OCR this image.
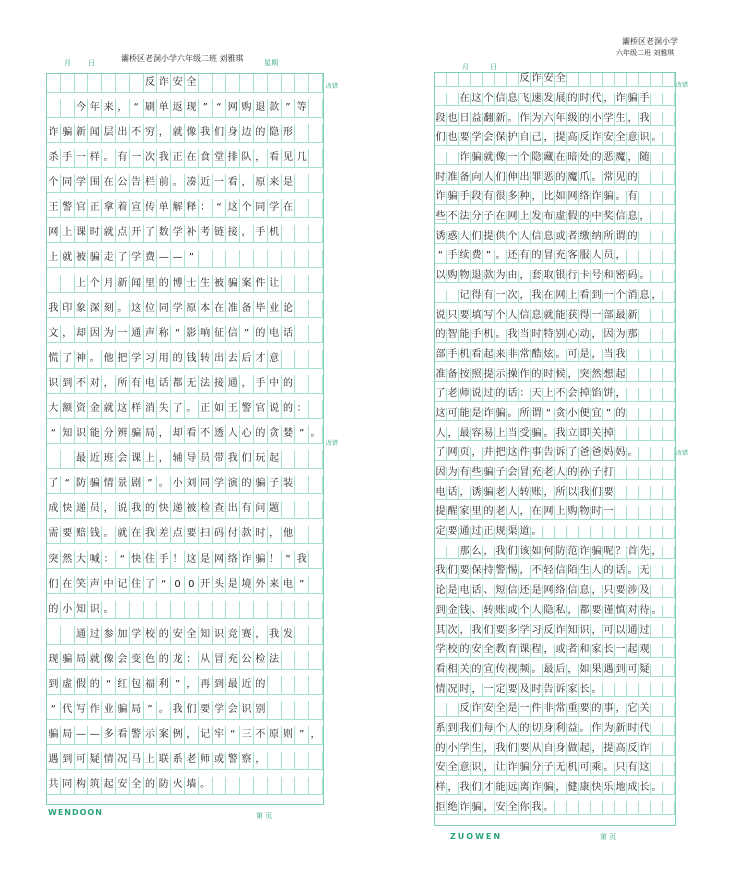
月 日	星期
灞桥区老洞小学六年级二班 刘雅琪
改错
改错
反 诈 安 全
今 年 来 ， “ 刷 单 返 现 ” “ 网 购 退 款 ” 等
诈 骗 新 闻 层 出 不 穷 ， 就 像 我 们 身 边 的 隐 形
杀 手 一 样 。 有 一 次 我 正 在 食 堂 排 队 ， 看 见 几
个 同 学 围 在 公 告 栏 前 。 凑 近 一 看 ， 原 来 是
王 警 官 正 拿 着 宣 传 单 解 释 ： “ 这 个 同 学 在
网 上 课 时 就 点 开 了 数 学 补 考 链 接 ， 手 机
上 就 被 骗 走 了 学 费 — — ”
上 个 月 新 闻 里 的 博 士 生 被 骗 案 件 让
我 印 象 深 刻 。 这 位 同 学 原 本 在 准 备 毕 业 论
文 ， 却 因 为 一 通 声 称 “ 影 响 征 信 ” 的 电 话
慌 了 神 。 他 把 学 习 用 的 钱 转 出 去 后 才 意
识 到 不 对 ， 所 有 电 话 都 无 法 接 通 ， 手 中 的
大 额 资 金 就 这 样 消 失 了 。 正 如 王 警 官 说 的 ：
“ 知 识 能 分 辨 骗 局 ， 却 看 不 透 人 心 的 贪 婪 ” 。
最 近 班 会 课 上 ， 辅 导 员 带 我 们 玩 起
了 “ 防 骗 情 景 剧 ” 。 小 刘 同 学 演 的 骗 子 装
成 快 递 员 ， 说 我 的 快 递 被 检 查 出 有 问 题
需 要 赔 钱 。 就 在 我 差 点 要 扫 码 付 款 时 ， 他
突 然 大 喊 ： “ 快 住 手 ！ 这 是 网 络 诈 骗 ！ ” 我
们 在 笑 声 中 记 住 了 “ 0 0 开 头 是 境 外 来 电 ”
的 小 知 识 。
通 过 参 加 学 校 的 安 全 知 识 竞 赛 ， 我 发
现 骗 局 就 像 会 变 色 的 龙 ： 从 冒 充 公 检 法
到 虚 假 的 “ 红 包 福 利 ” ， 再 到 最 近 的
“ 代 写 作 业 骗 局 ” 。 我 们 要 学 会 识 别
骗 局 — — 多 看 警 示 案 例 ， 记 牢 “ 三 不 原 则 ” ，
遇 到 可 疑 情 况 马 上 联 系 老 师 或 警 察 ，
共 同 构 筑 起 安 全 的 防 火 墙 。
WENDOON	第 页
月	日
灞桥区老洞小学
六年级二班 刘雅琪
改错
改错
反 诈 安 全
在 这 个 信 息 飞 速 发 展 的 时 代 ， 诈 骗 手
段 也 日 益 翻 新 。 作 为 六 年 级 的 小 学 生 ， 我
们 也 要 学 会 保 护 自 己 ， 提 高 反 诈 安 全 意 识 。
诈 骗 就 像 一 个 隐 藏 在 暗 处 的 恶 魔 ， 随
时 准 备 向 人 们 伸 出 罪 恶 的 魔 爪 。 常 见 的
诈 骗 手 段 有 很 多 种 ， 比 如 网 络 诈 骗 。 有
些 不 法 分 子 在 网 上 发 布 虚 假 的 中 奖 信 息 ，
诱 惑 人 们 提 供 个 人 信 息 或 者 缴 纳 所 谓 的
“ 手 续 费 ” 。 还 有 的 冒 充 客 服 人 员 ，
以 购 物 退 款 为 由 ， 套 取 银 行 卡 号 和 密 码 。
记 得 有 一 次 ， 我 在 网 上 看 到 一 个 消 息 ，
说 只 要 填 写 个 人 信 息 就 能 获 得 一 部 最 新
的 智 能 手 机 。 我 当 时 特 别 心 动 ， 因 为 那
部 手 机 看 起 来 非 常 酷 炫 。 可 是 ， 当 我
准 备 按 照 提 示 操 作 的 时 候 ， 突 然 想 起
了 老 师 说 过 的 话 ： 天 上 不 会 掉 馅 饼 ，
这 可 能 是 诈 骗 。 所 谓 “ 贪 小 便 宜 ” 的
人 ， 最 容 易 上 当 受 骗 。 我 立 即 关 掉
了 网 页 ， 并 把 这 件 事 告 诉 了 爸 爸 妈 妈 。
因 为 有 些 骗 子 会 冒 充 老 人 的 孙 子 打
电 话 ， 诱 骗 老 人 转 账 ， 所 以 我 们 要
提 醒 家 里 的 老 人 ， 在 网 上 购 物 时 一
定 要 通 过 正 规 渠 道 。
那 么 ， 我 们 该 如 何 防 范 诈 骗 呢 ？ 首 先 ，
我 们 要 保 持 警 惕 ， 不 轻 信 陌 生 人 的 话 。 无
论 是 电 话 、 短 信 还 是 网 络 信 息 ， 只 要 涉 及
到 金 钱 、 转 账 或 个 人 隐 私 ， 都 要 谨 慎 对 待 。
其 次 ， 我 们 要 多 学 习 反 诈 知 识 ， 可 以 通 过
学 校 的 安 全 教 育 课 程 ， 或 者 和 家 长 一 起 观
看 相 关 的 宣 传 视 频 。 最 后 ， 如 果 遇 到 可 疑
情 况 时 ， 一 定 要 及 时 告 诉 家 长 。
反 诈 安 全 是 一 件 非 常 重 要 的 事 ， 它 关
系 到 我 们 每 个 人 的 切 身 利 益 。 作 为 新 时 代
的 小 学 生 ， 我 们 要 从 自 身 做 起 ， 提 高 反 诈
安 全 意 识 ， 让 诈 骗 分 子 无 机 可 乘 。 只 有 这
样 ， 我 们 才 能 远 离 诈 骗 ， 健 康 快 乐 地 成 长 。
拒 绝 诈 骗 ， 安 全 你 我 。
ZUOWEN	第 页
